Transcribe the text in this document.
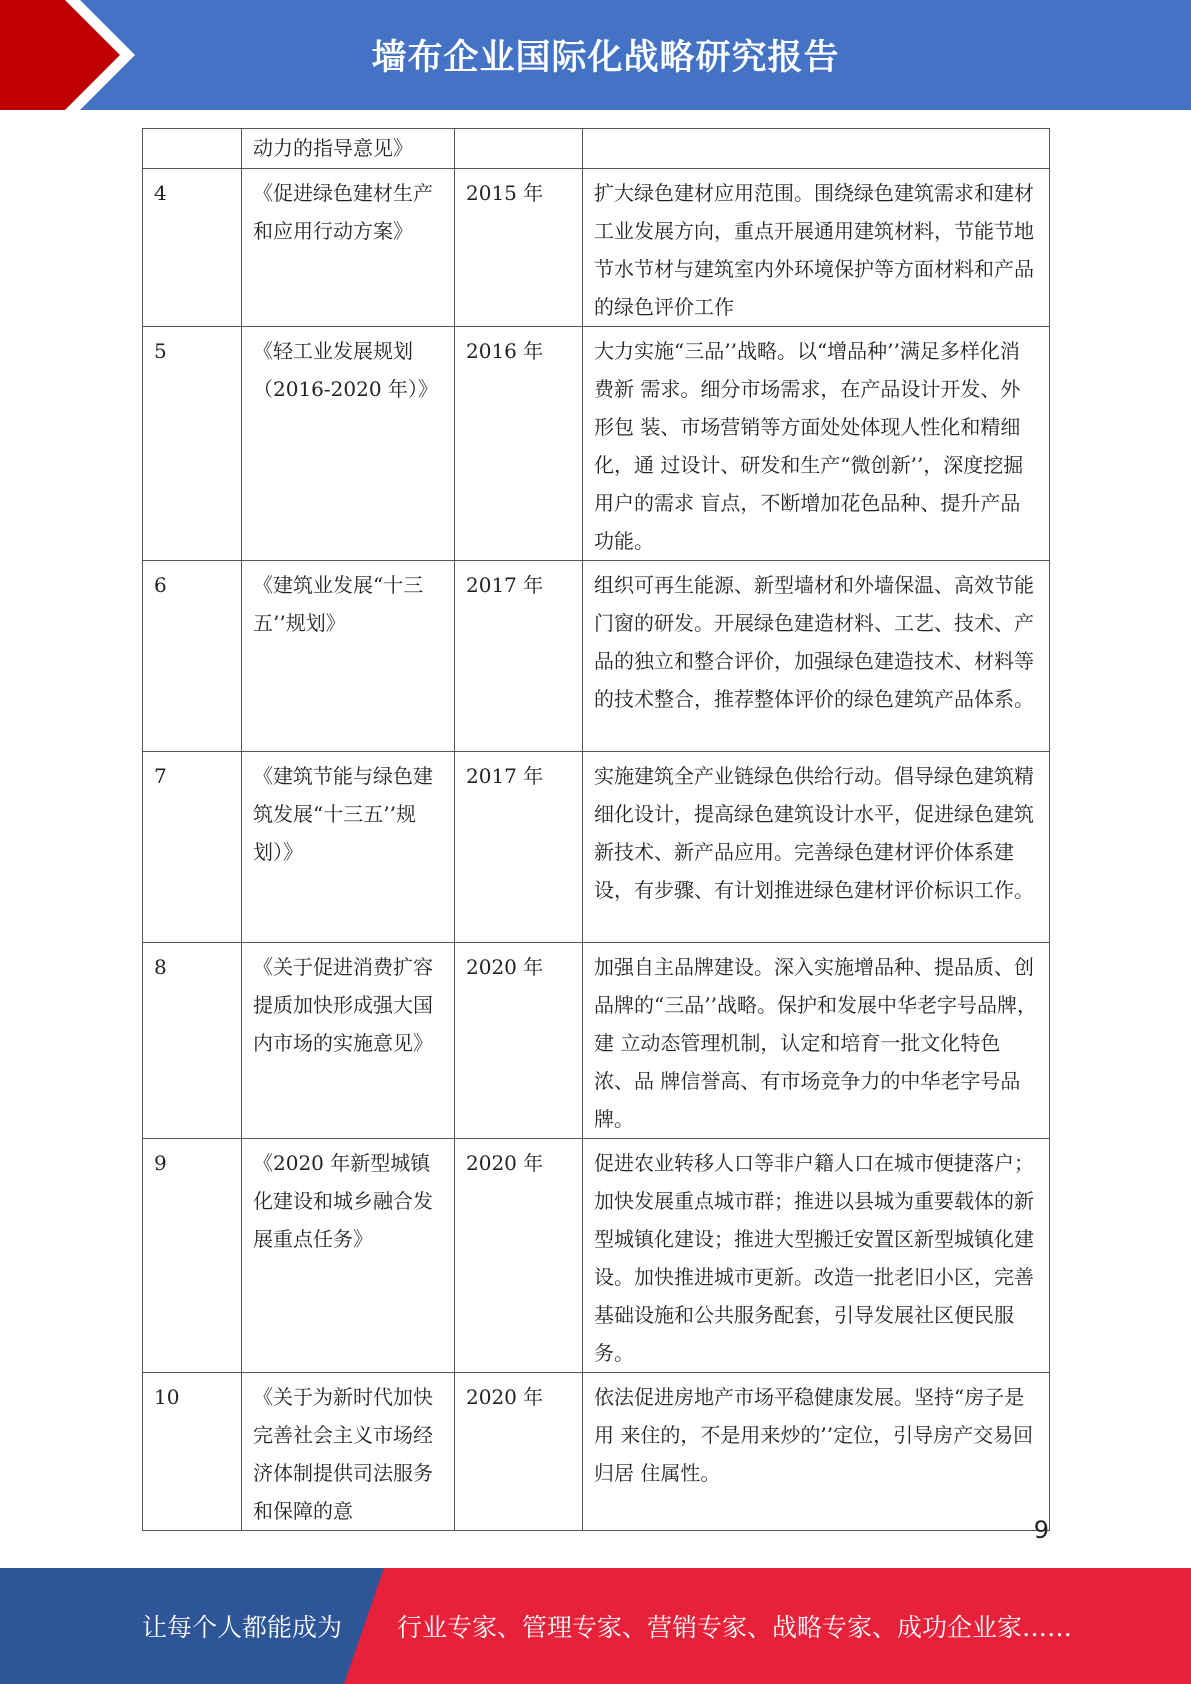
墙布企业国际化战略研究报告

	动力的指导意见》		

4	《促进绿色建材生产和应用行动方案》	2015 年	扩大绿色建材应用范围。围绕绿色建筑需求和建材 工业发展方向，重点开展通用建筑材料，节能节地 节水节材与建筑室内外环境保护等方面材料和产品 的绿色评价工作

5	《轻工业发展规划（2016-2020 年）》	2016 年	大力实施“三品’’战略。以“增品种’’满足多样化消费新 需求。细分市场需求，在产品设计开发、外形包 装、市场营销等方面处处体现人性化和精细化，通 过设计、研发和生产“微创新’’，深度挖掘用户的需求 盲点，不断增加花色品种、提升产品功能。

6	《建筑业发展“十三五’’规划》	2017 年	组织可再生能源、新型墙材和外墙保温、高效节能 门窗的研发。开展绿色建造材料、工艺、技术、产 品的独立和整合评价，加强绿色建造技术、材料等 的技术整合，推荐整体评价的绿色建筑产品体系。

7	《建筑节能与绿色建筑发展“十三五’’规 划）》	2017 年	实施建筑全产业链绿色供给行动。倡导绿色建筑精 细化设计，提高绿色建筑设计水平，促进绿色建筑 新技术、新产品应用。完善绿色建材评价体系建 设，有步骤、有计划推进绿色建材评价标识工作。

8	《关于促进消费扩容提质加快形成强大国内市场的实施意见》	2020 年	加强自主品牌建设。深入实施增品种、提品质、创 品牌的“三品’’战略。保护和发展中华老字号品牌，建 立动态管理机制，认定和培育一批文化特色浓、品 牌信誉高、有市场竞争力的中华老字号品牌。

9	《2020 年新型城镇化建设和城乡融合发展重点任务》	2020 年	促进农业转移人口等非户籍人口在城市便捷落户； 加快发展重点城市群；推进以县城为重要载体的新 型城镇化建设；推进大型搬迁安置区新型城镇化建 设。加快推进城市更新。改造一批老旧小区，完善 基础设施和公共服务配套，引导发展社区便民服 务。

10	《关于为新时代加快完善社会主义市场经济体制提供司法服务和保障的意	2020 年	依法促进房地产市场平稳健康发展。坚持“房子是用 来住的，不是用来炒的’’定位，引导房产交易回归居 住属性。
9
让每个人都能成为 行业专家、管理专家、营销专家、战略专家、成功企业家……
